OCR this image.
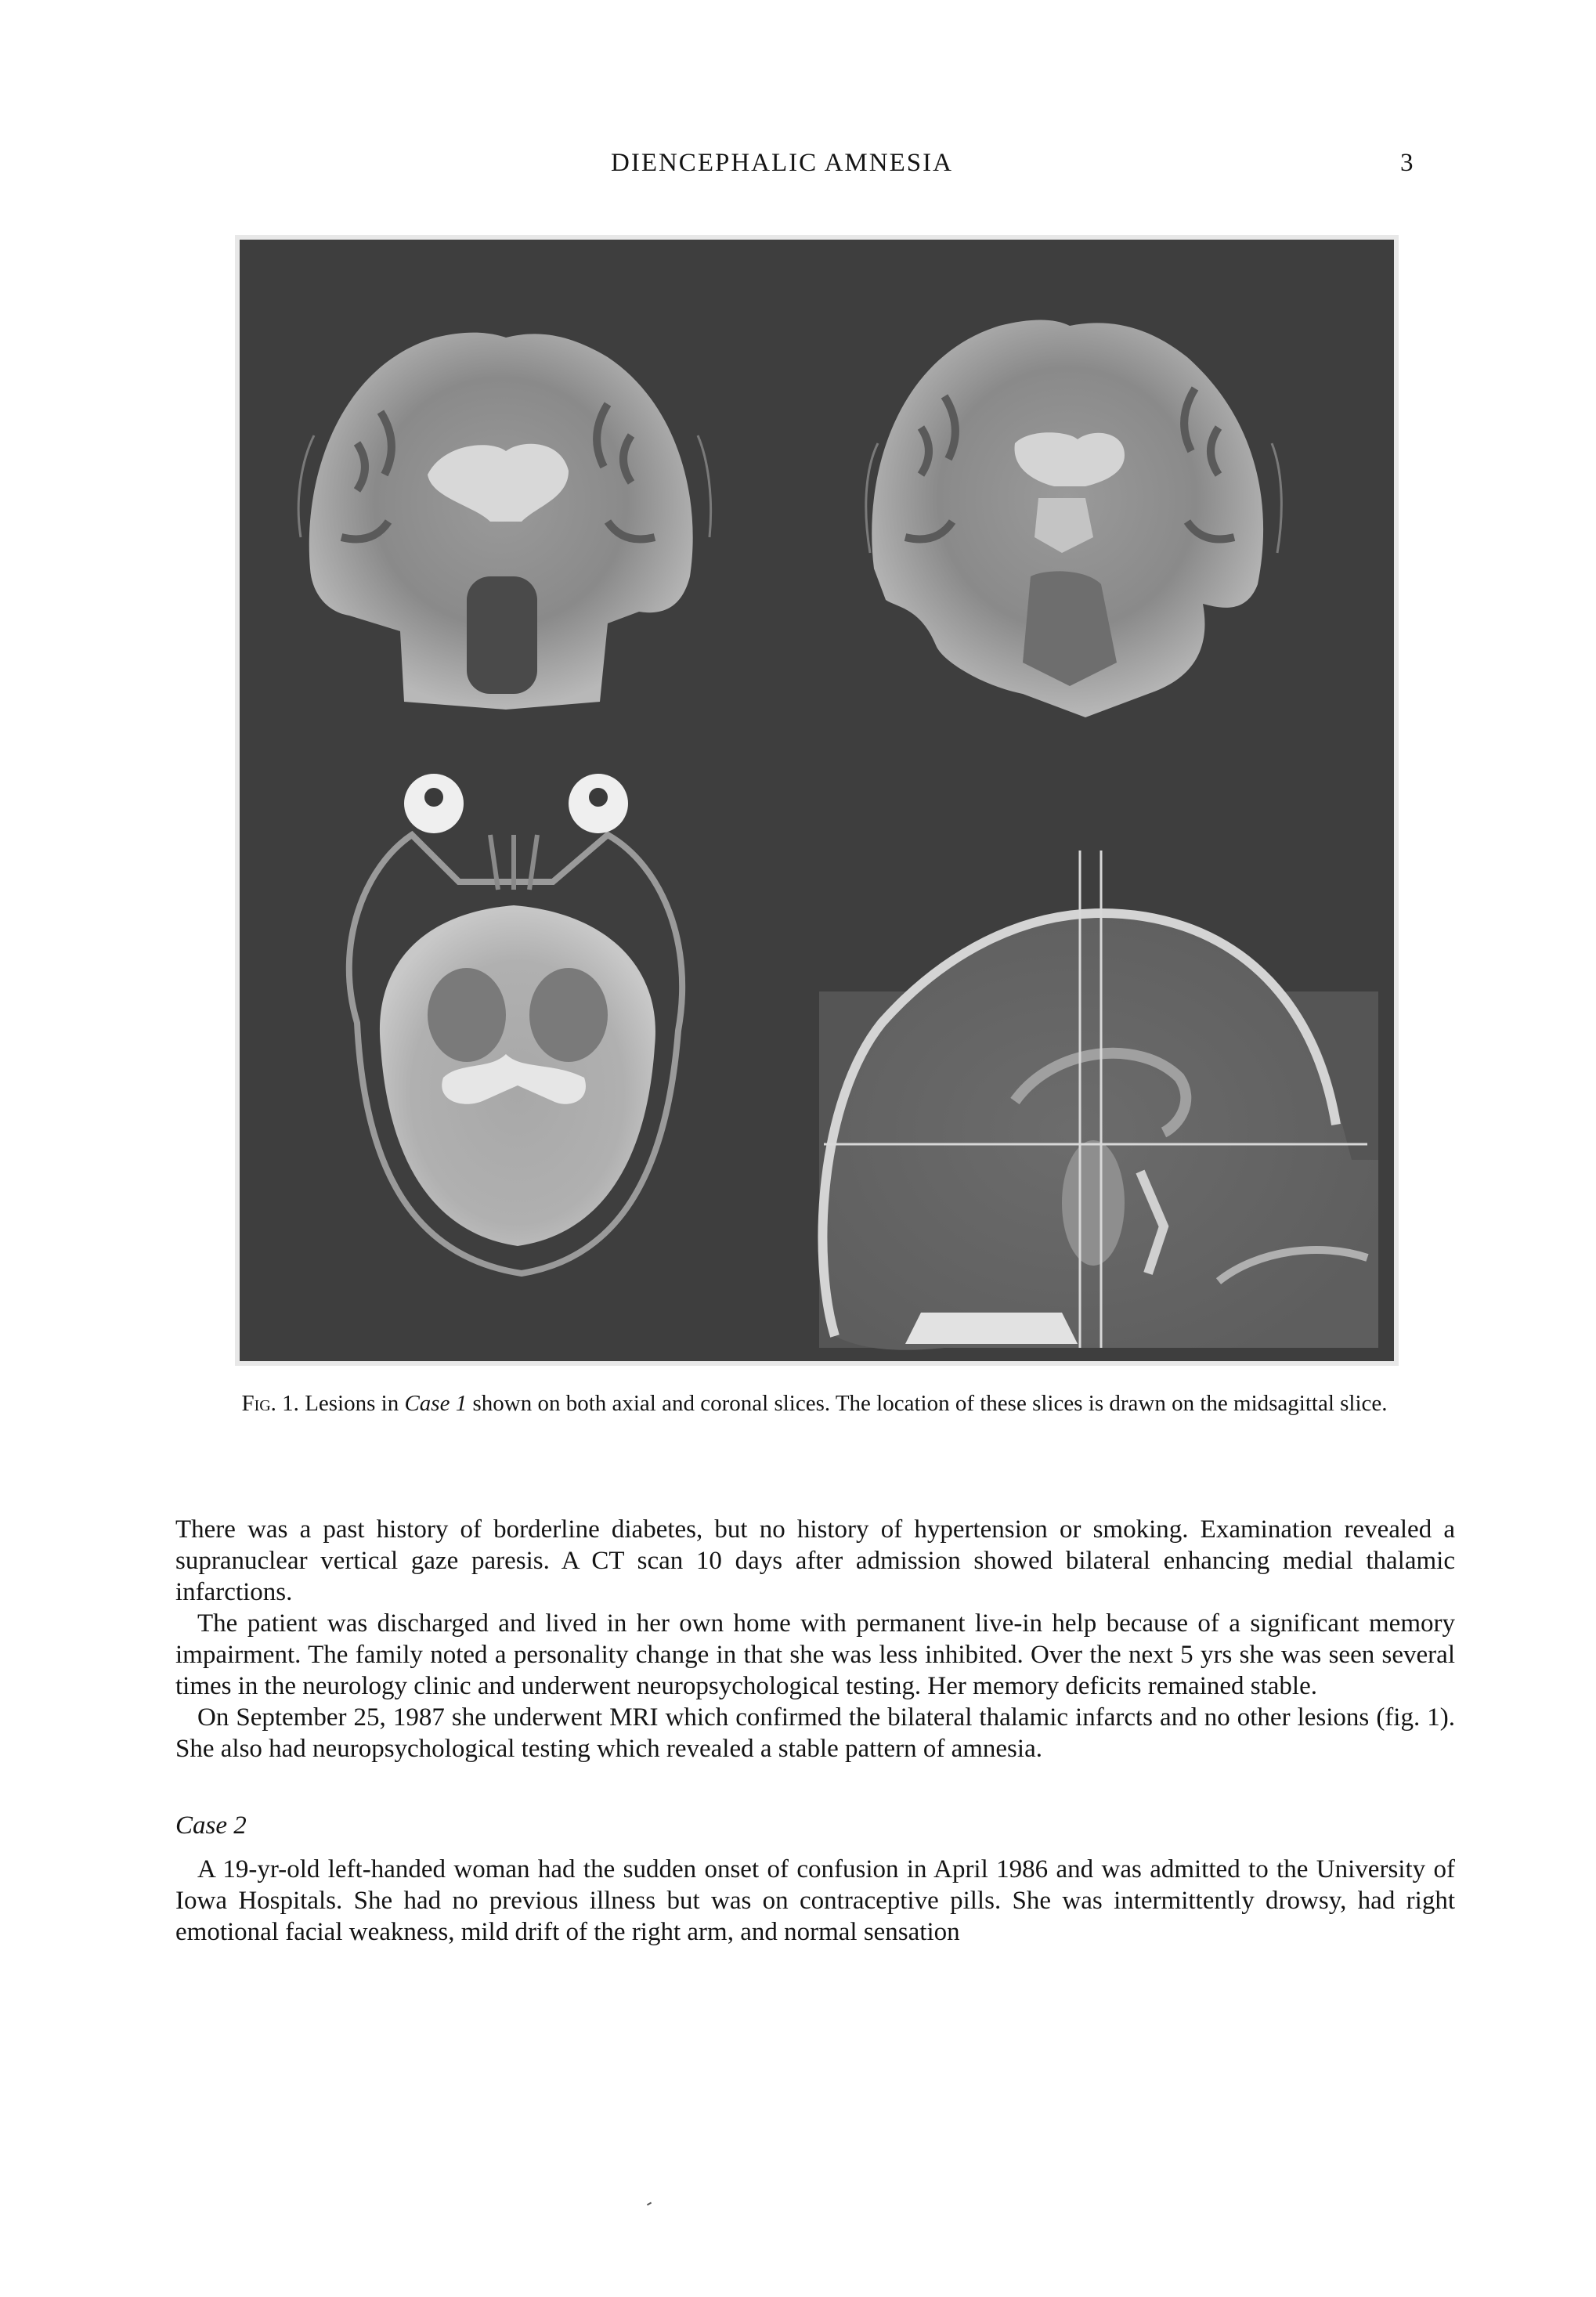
DIENCEPHALIC AMNESIA	3
Fig. 1. Lesions in Case 1 shown on both axial and coronal slices. The location of these slices is drawn on the midsagittal slice.

There was a past history of borderline diabetes, but no history of hypertension or smoking. Examination revealed a supranuclear vertical gaze paresis. A CT scan 10 days after admission showed bilateral enhancing medial thalamic infarctions.

The patient was discharged and lived in her own home with permanent live-in help because of a significant memory impairment. The family noted a personality change in that she was less inhibited. Over the next 5 yrs she was seen several times in the neurology clinic and underwent neuropsychological testing. Her memory deficits remained stable.

On September 25, 1987 she underwent MRI which confirmed the bilateral thalamic infarcts and no other lesions (fig. 1). She also had neuropsychological testing which revealed a stable pattern of amnesia.

Case 2

A 19-yr-old left-handed woman had the sudden onset of confusion in April 1986 and was admitted to the University of Iowa Hospitals. She had no previous illness but was on contraceptive pills. She was intermittently drowsy, had right emotional facial weakness, mild drift of the right arm, and normal sensation
